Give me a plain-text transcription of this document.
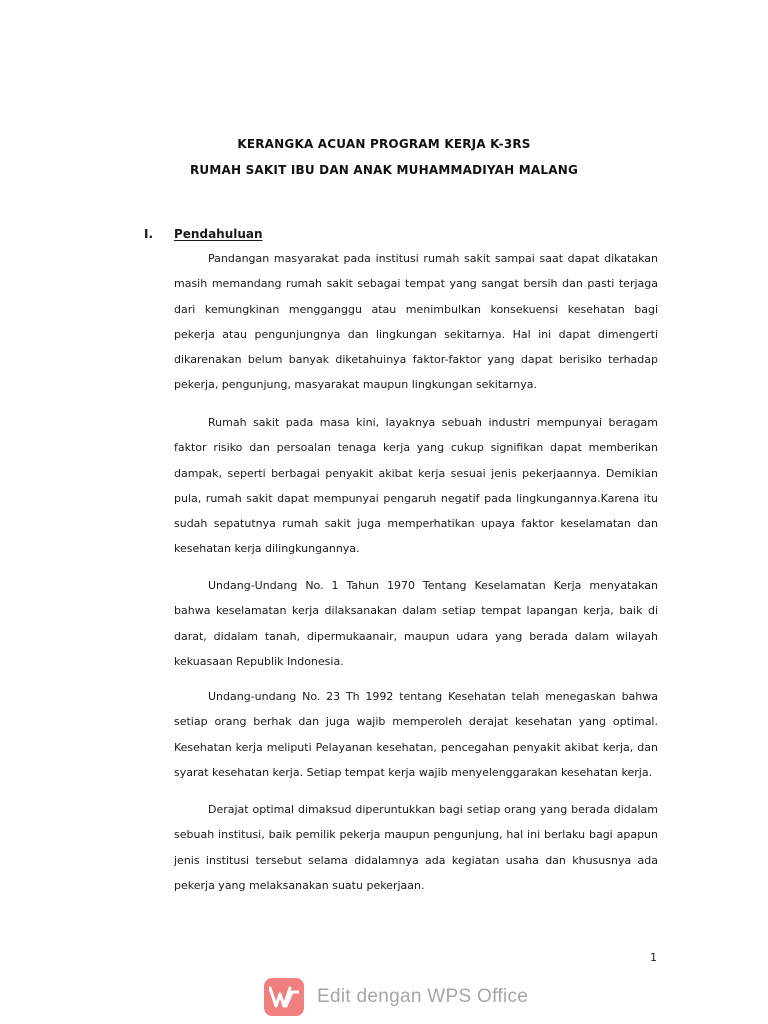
KERANGKA ACUAN PROGRAM KERJA K-3RS
RUMAH SAKIT IBU DAN ANAK MUHAMMADIYAH MALANG
I. Pendahuluan

Pandangan masyarakat pada institusi rumah sakit sampai saat dapat dikatakan masih memandang rumah sakit sebagai tempat yang sangat bersih dan pasti terjaga dari kemungkinan mengganggu atau menimbulkan konsekuensi kesehatan bagi pekerja atau pengunjungnya dan lingkungan sekitarnya. Hal ini dapat dimengerti dikarenakan belum banyak diketahuinya faktor-faktor yang dapat berisiko terhadap pekerja, pengunjung, masyarakat maupun lingkungan sekitarnya.

Rumah sakit pada masa kini, layaknya sebuah industri mempunyai beragam faktor risiko dan persoalan tenaga kerja yang cukup signifikan dapat memberikan dampak, seperti berbagai penyakit akibat kerja sesuai jenis pekerjaannya. Demikian pula, rumah sakit dapat mempunyai pengaruh negatif pada lingkungannya.Karena itu sudah sepatutnya rumah sakit juga memperhatikan upaya faktor keselamatan dan kesehatan kerja dilingkungannya.

Undang-Undang No. 1 Tahun 1970 Tentang Keselamatan Kerja menyatakan bahwa keselamatan kerja dilaksanakan dalam setiap tempat lapangan kerja, baik di darat, didalam tanah, dipermukaanair, maupun udara yang berada dalam wilayah kekuasaan Republik Indonesia.

Undang-undang No. 23 Th 1992 tentang Kesehatan telah menegaskan bahwa setiap orang berhak dan juga wajib memperoleh derajat kesehatan yang optimal. Kesehatan kerja meliputi Pelayanan kesehatan, pencegahan penyakit akibat kerja, dan syarat kesehatan kerja. Setiap tempat kerja wajib menyelenggarakan kesehatan kerja.

Derajat optimal dimaksud diperuntukkan bagi setiap orang yang berada didalam sebuah institusi, baik pemilik pekerja maupun pengunjung, hal ini berlaku bagi apapun jenis institusi tersebut selama didalamnya ada kegiatan usaha dan khususnya ada pekerja yang melaksanakan suatu pekerjaan.

1
Edit dengan WPS Office
